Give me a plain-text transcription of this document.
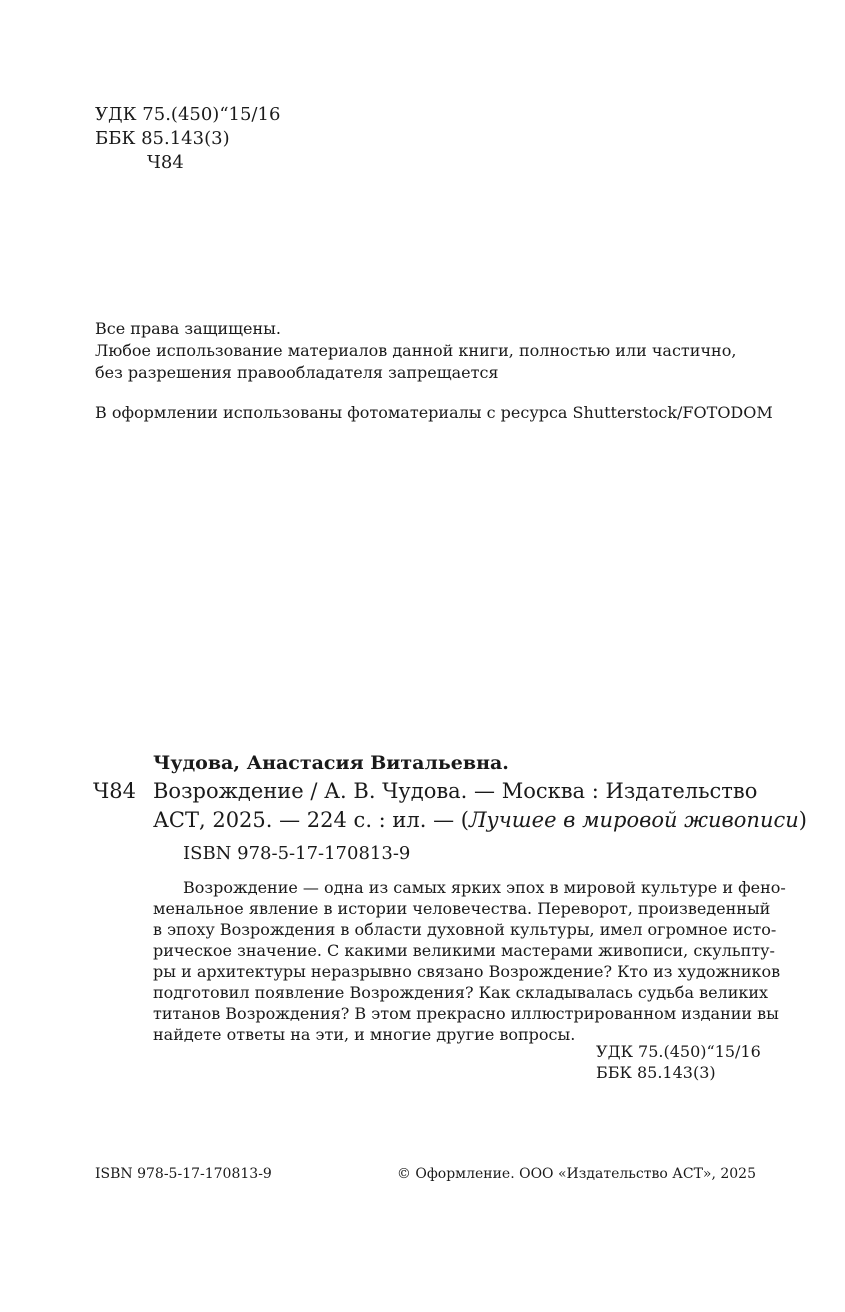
УДК 75.(450)“15/16
ББК 85.143(3)
Ч84
Все права защищены.
Любое использование материалов данной книги, полностью или частично,
без разрешения правообладателя запрещается
В оформлении использованы фотоматериалы с ресурса Shutterstock/FOTODOM
Чудова, Анастасия Витальевна.
Ч84 Возрождение / А. В. Чудова. — Москва : Издательство
АСТ, 2025. — 224 с. : ил. — (Лучшее в мировой живописи)
ISBN 978-5-17-170813-9
Возрождение — одна из самых ярких эпох в мировой культуре и фено-
менальное явление в истории человечества. Переворот, произведенный
в эпоху Возрождения в области духовной культуры, имел огромное исто-
рическое значение. С какими великими мастерами живописи, скульпту-
ры и архитектуры неразрывно связано Возрождение? Кто из художников
подготовил появление Возрождения? Как складывалась судьба великих
титанов Возрождения? В этом прекрасно иллюстрированном издании вы
найдете ответы на эти, и многие другие вопросы.
УДК 75.(450)“15/16
ББК 85.143(3)
ISBN 978-5-17-170813-9	© Оформление. ООО «Издательство АСТ», 2025
